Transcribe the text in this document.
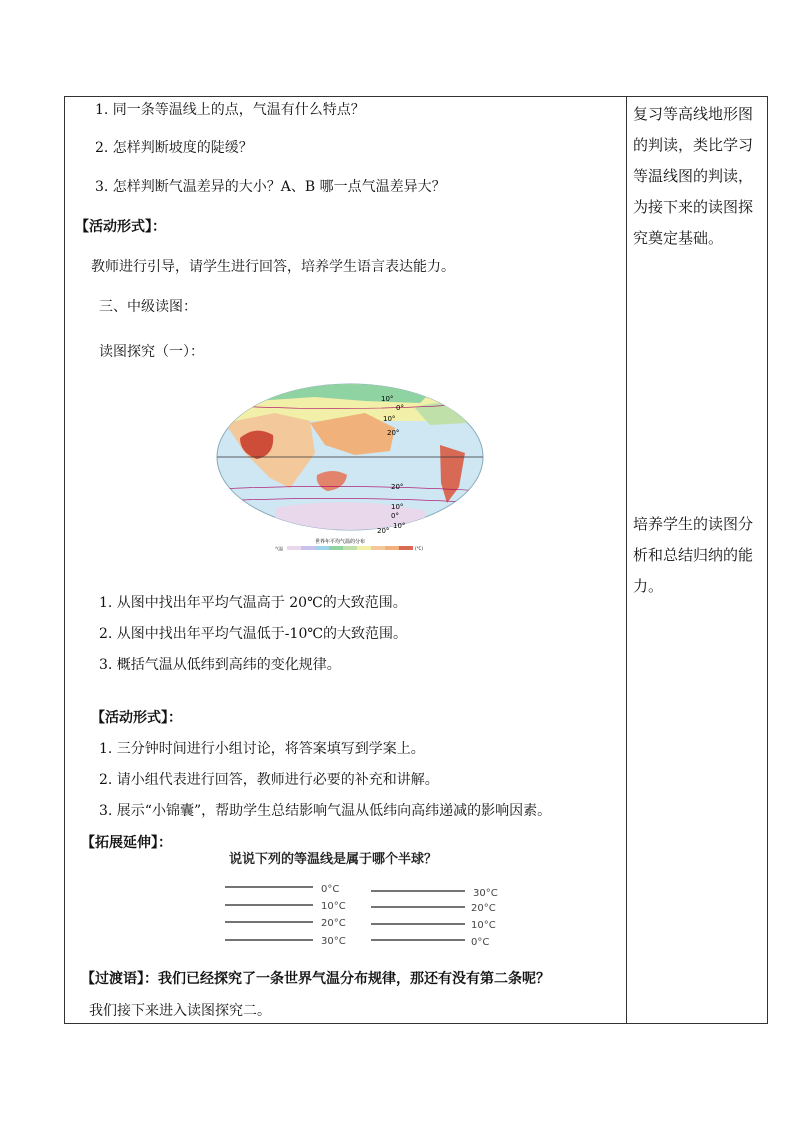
1. 同一条等温线上的点，气温有什么特点？
2. 怎样判断坡度的陡缓？
3. 怎样判断气温差异的大小？A、B 哪一点气温差异大？
【活动形式】：
教师进行引导，请学生进行回答，培养学生语言表达能力。
三、中级读图：
读图探究（一）：
10°
0°
10°
20°
20°
10°
0°
10°
20°
世界年平均气温的分布
气温	(°C)
1. 从图中找出年平均气温高于 20℃的大致范围。
2. 从图中找出年平均气温低于-10℃的大致范围。
3. 概括气温从低纬到高纬的变化规律。
【活动形式】：
1. 三分钟时间进行小组讨论，将答案填写到学案上。
2. 请小组代表进行回答，教师进行必要的补充和讲解。
3. 展示“小锦囊”，帮助学生总结影响气温从低纬向高纬递减的影响因素。
【拓展延伸】：
说说下列的等温线是属于哪个半球？
0°C
10°C
20°C
30°C
30°C
20°C
10°C
0°C
【过渡语】：我们已经探究了一条世界气温分布规律，那还有没有第二条呢？
我们接下来进入读图探究二。
复习等高线地形图的判读，类比学习等温线图的判读，为接下来的读图探究奠定基础。
培养学生的读图分析和总结归纳的能力。
